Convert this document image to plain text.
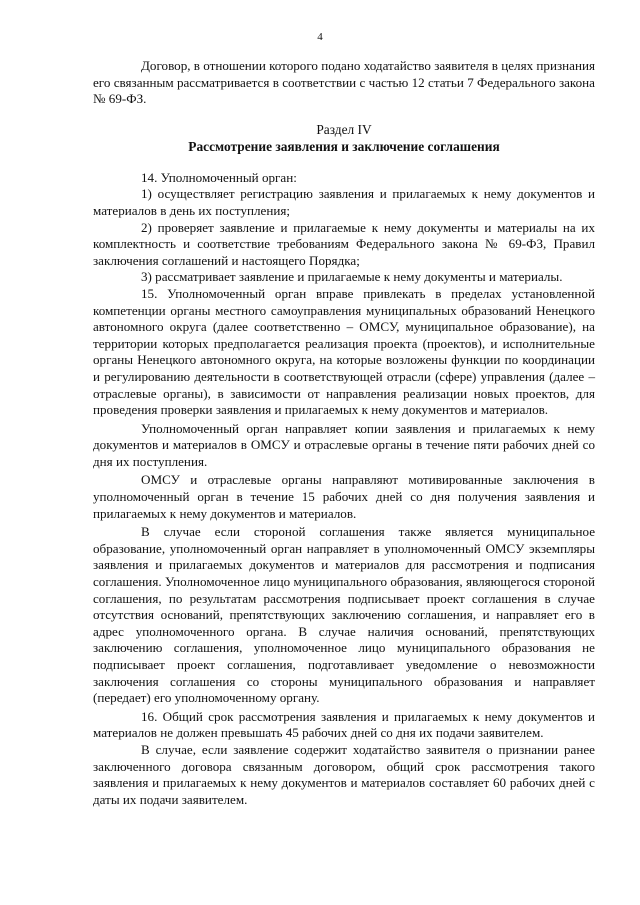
4

Договор, в отношении которого подано ходатайство заявителя в целях признания его связанным рассматривается в соответствии с частью 12 статьи 7 Федерального закона № 69-ФЗ.

Раздел IV
Рассмотрение заявления и заключение соглашения

14. Уполномоченный орган:

1) осуществляет регистрацию заявления и прилагаемых к нему документов и материалов в день их поступления;

2) проверяет заявление и прилагаемые к нему документы и материалы на их комплектность и соответствие требованиям Федерального закона № 69-ФЗ, Правил заключения соглашений и настоящего Порядка;

3) рассматривает заявление и прилагаемые к нему документы и материалы.

15. Уполномоченный орган вправе привлекать в пределах установленной компетенции органы местного самоуправления муниципальных образований Ненецкого автономного округа (далее соответственно – ОМСУ, муниципальное образование), на территории которых предполагается реализация проекта (проектов), и исполнительные органы Ненецкого автономного округа, на которые возложены функции по координации и регулированию деятельности в соответствующей отрасли (сфере) управления (далее – отраслевые органы), в зависимости от направления реализации новых проектов, для проведения проверки заявления и прилагаемых к нему документов и материалов.

Уполномоченный орган направляет копии заявления и прилагаемых к нему документов и материалов в ОМСУ и отраслевые органы в течение пяти рабочих дней со дня их поступления.

ОМСУ и отраслевые органы направляют мотивированные заключения в уполномоченный орган в течение 15 рабочих дней со дня получения заявления и прилагаемых к нему документов и материалов.

В случае если стороной соглашения также является муниципальное образование, уполномоченный орган направляет в уполномоченный ОМСУ экземпляры заявления и прилагаемых документов и материалов для рассмотрения и подписания соглашения. Уполномоченное лицо муниципального образования, являющегося стороной соглашения, по результатам рассмотрения подписывает проект соглашения в случае отсутствия оснований, препятствующих заключению соглашения, и направляет его в адрес уполномоченного органа. В случае наличия оснований, препятствующих заключению соглашения, уполномоченное лицо муниципального образования не подписывает проект соглашения, подготавливает уведомление о невозможности заключения соглашения со стороны муниципального образования и направляет (передает) его уполномоченному органу.

16. Общий срок рассмотрения заявления и прилагаемых к нему документов и материалов не должен превышать 45 рабочих дней со дня их подачи заявителем.

В случае, если заявление содержит ходатайство заявителя о признании ранее заключенного договора связанным договором, общий срок рассмотрения такого заявления и прилагаемых к нему документов и материалов составляет 60 рабочих дней с даты их подачи заявителем.
